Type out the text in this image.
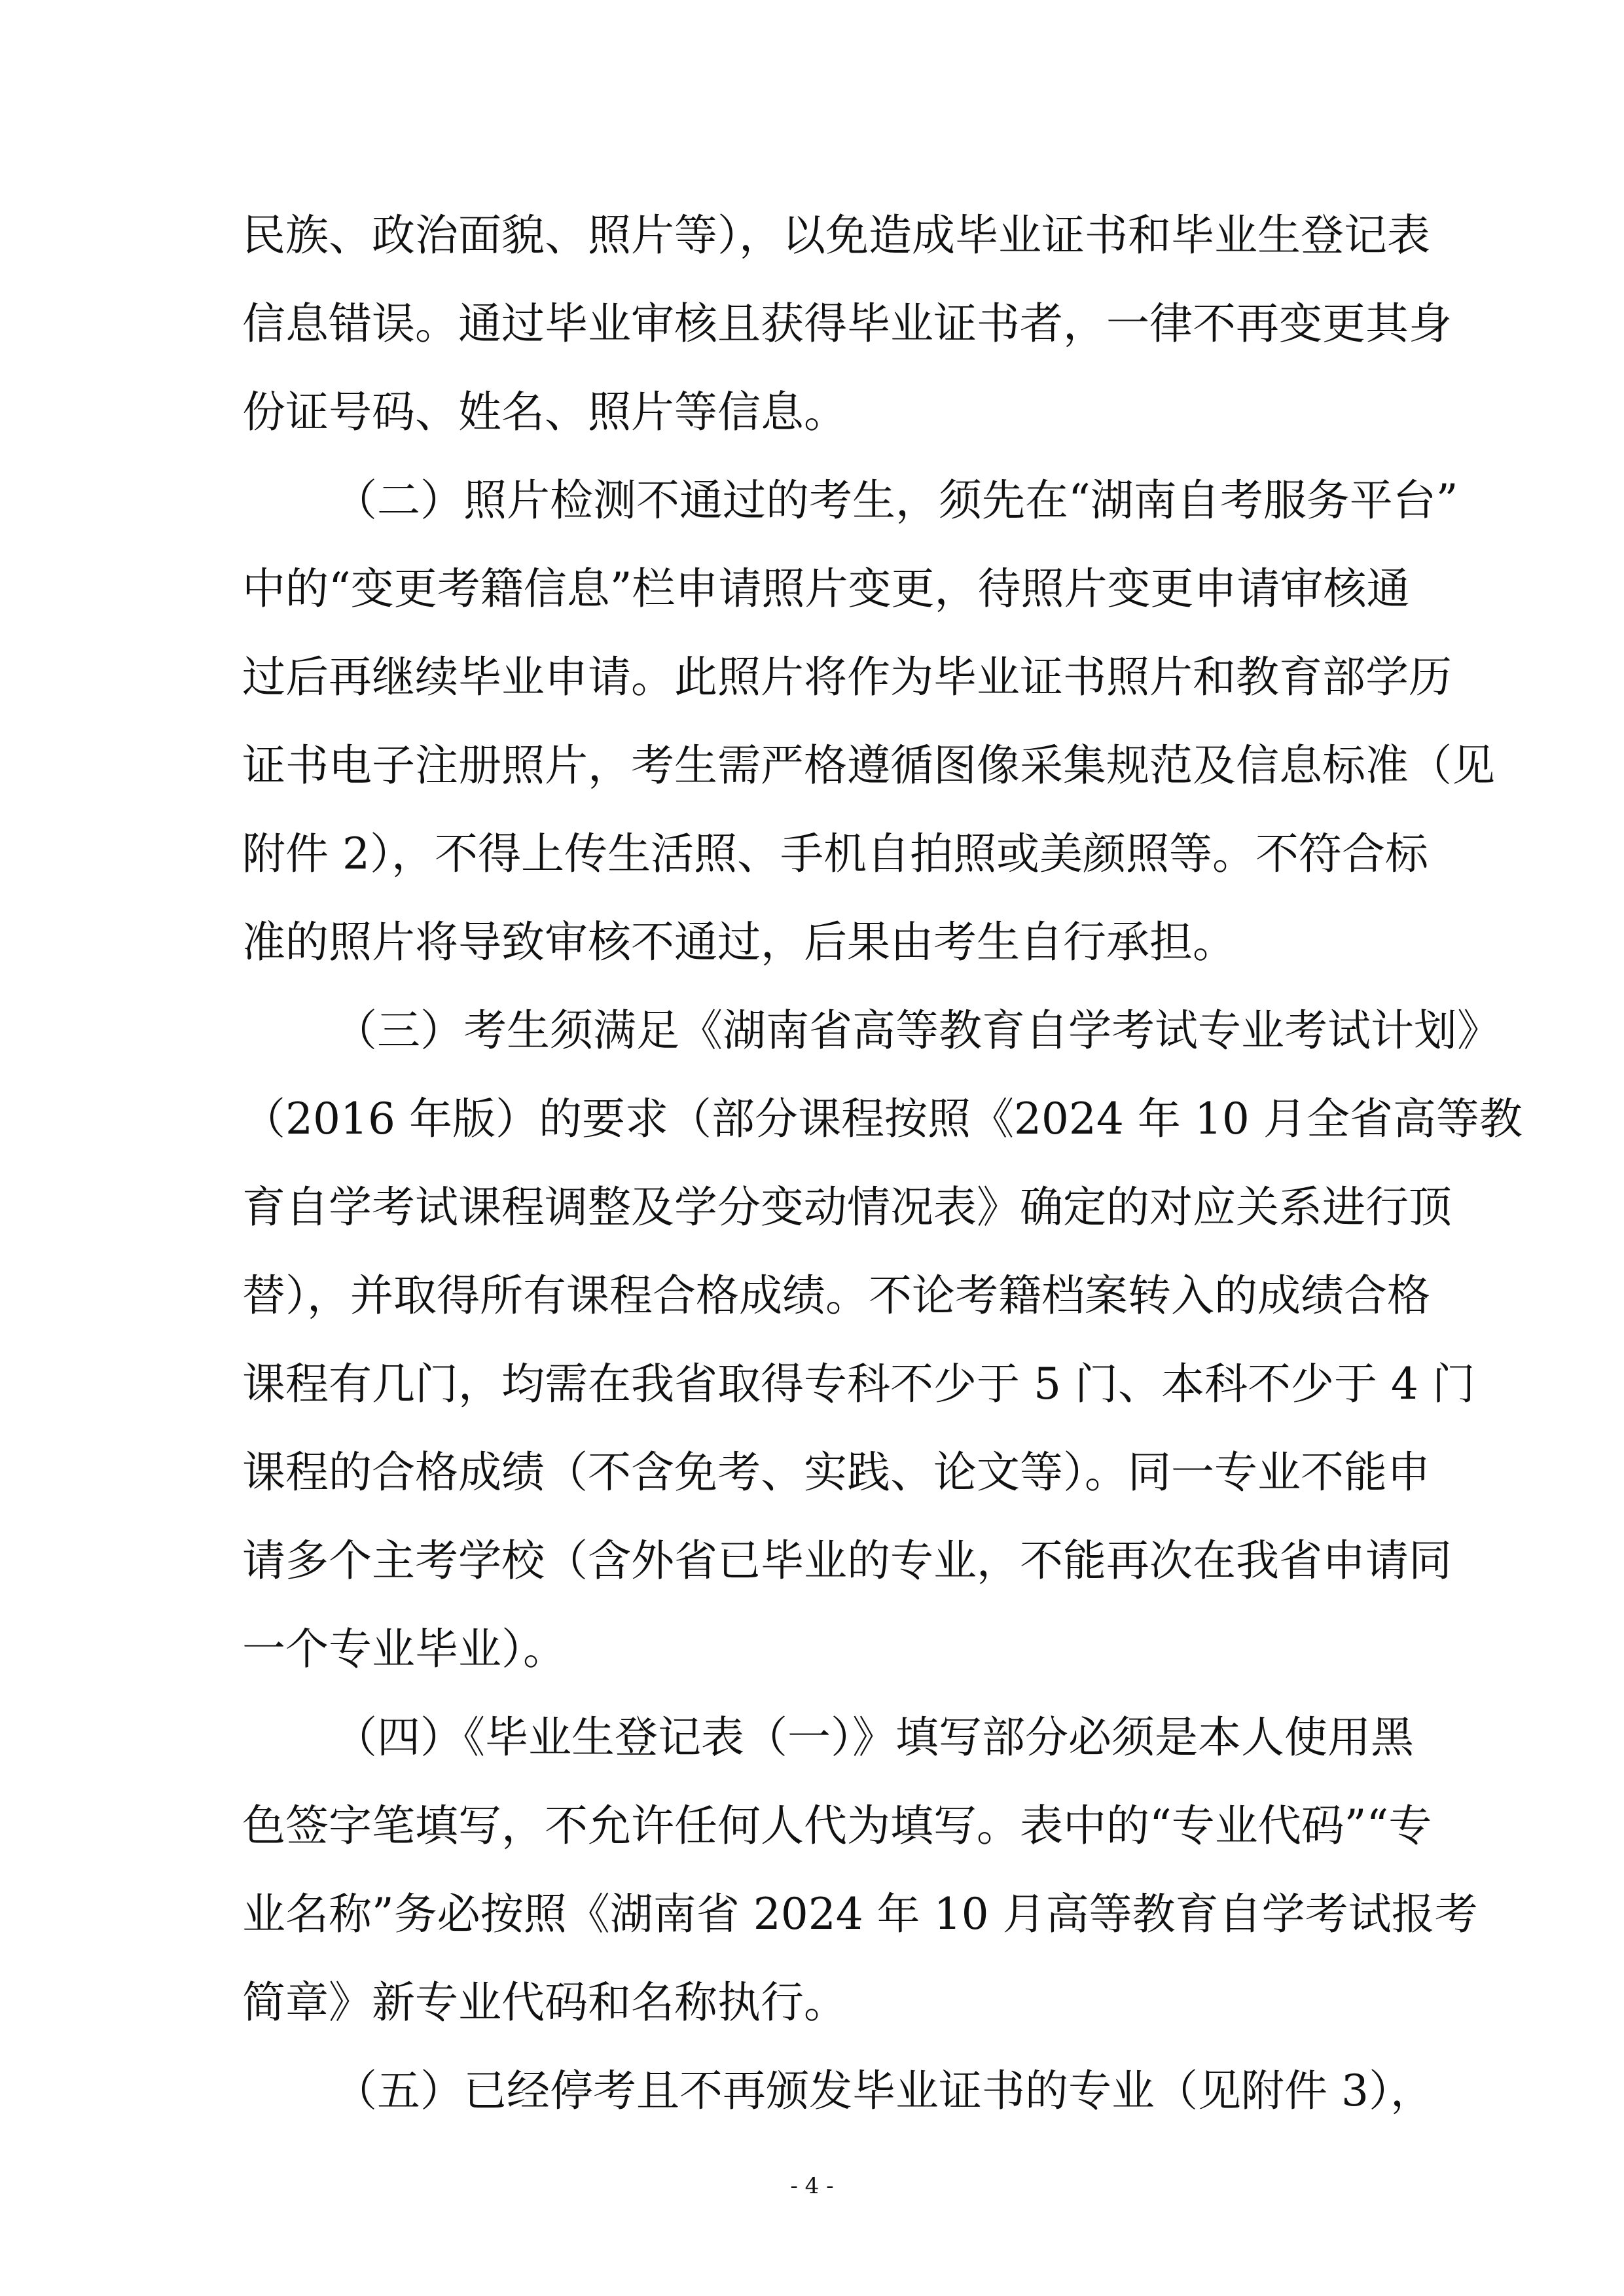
民族、政治面貌、照片等），以免造成毕业证书和毕业生登记表
信息错误。通过毕业审核且获得毕业证书者，一律不再变更其身
份证号码、姓名、照片等信息。
（二）照片检测不通过的考生，须先在“湖南自考服务平台”
中的“变更考籍信息”栏申请照片变更，待照片变更申请审核通
过后再继续毕业申请。此照片将作为毕业证书照片和教育部学历
证书电子注册照片，考生需严格遵循图像采集规范及信息标准（见
附件 2），不得上传生活照、手机自拍照或美颜照等。不符合标
准的照片将导致审核不通过，后果由考生自行承担。
（三）考生须满足《湖南省高等教育自学考试专业考试计划》
（2016 年版）的要求（部分课程按照《2024 年 10 月全省高等教
育自学考试课程调整及学分变动情况表》确定的对应关系进行顶
替），并取得所有课程合格成绩。不论考籍档案转入的成绩合格
课程有几门，均需在我省取得专科不少于 5 门、本科不少于 4 门
课程的合格成绩（不含免考、实践、论文等）。同一专业不能申
请多个主考学校（含外省已毕业的专业，不能再次在我省申请同
一个专业毕业）。
（四）《毕业生登记表（一）》填写部分必须是本人使用黑
色签字笔填写，不允许任何人代为填写。表中的“专业代码”“专
业名称”务必按照《湖南省 2024 年 10 月高等教育自学考试报考
简章》新专业代码和名称执行。
（五）已经停考且不再颁发毕业证书的专业（见附件 3），
- 4 -
